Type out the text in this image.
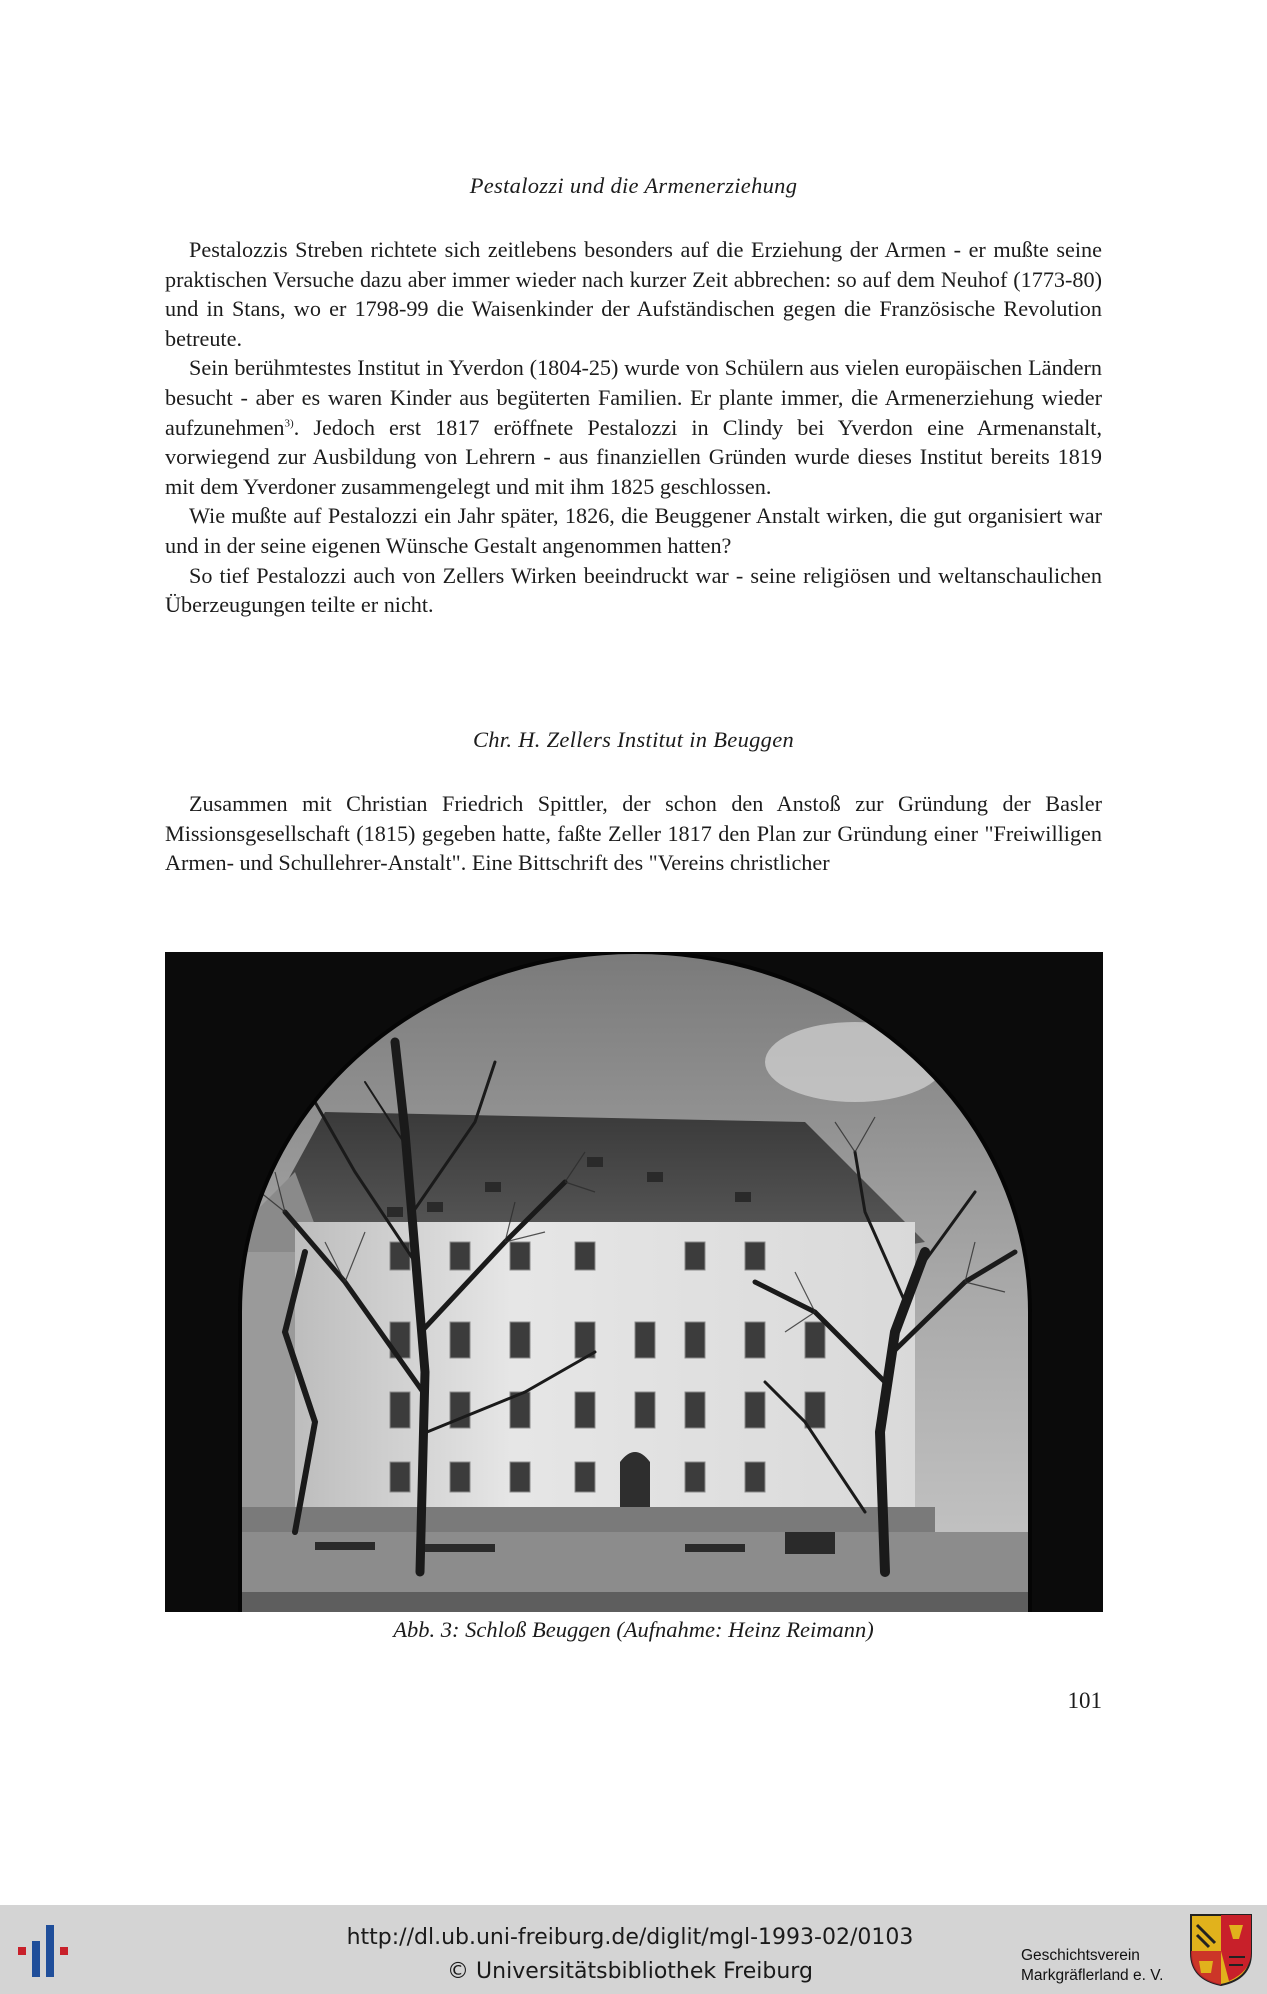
Pestalozzi und die Armenerziehung

Pestalozzis Streben richtete sich zeitlebens besonders auf die Erziehung der Armen - er mußte seine praktischen Versuche dazu aber immer wieder nach kurzer Zeit abbrechen: so auf dem Neuhof (1773-80) und in Stans, wo er 1798-99 die Waisenkinder der Aufständischen gegen die Französische Revolution betreute.

Sein berühmtestes Institut in Yverdon (1804-25) wurde von Schülern aus vielen europäischen Ländern besucht - aber es waren Kinder aus begüterten Familien. Er plante immer, die Armenerziehung wieder aufzunehmen$^{3)}$. Jedoch erst 1817 eröffnete Pestalozzi in Clindy bei Yverdon eine Armenanstalt, vorwiegend zur Ausbildung von Lehrern - aus finanziellen Gründen wurde dieses Institut bereits 1819 mit dem Yverdoner zusammengelegt und mit ihm 1825 geschlossen.

Wie mußte auf Pestalozzi ein Jahr später, 1826, die Beuggener Anstalt wirken, die gut organisiert war und in der seine eigenen Wünsche Gestalt angenommen hatten?

So tief Pestalozzi auch von Zellers Wirken beeindruckt war - seine religiösen und weltanschaulichen Überzeugungen teilte er nicht.

Chr. H. Zellers Institut in Beuggen

Zusammen mit Christian Friedrich Spittler, der schon den Anstoß zur Gründung der Basler Missionsgesellschaft (1815) gegeben hatte, faßte Zeller 1817 den Plan zur Gründung einer "Freiwilligen Armen- und Schullehrer-Anstalt". Eine Bittschrift des "Vereins christlicher

Abb. 3: Schloß Beuggen (Aufnahme: Heinz Reimann)
101
http://dl.ub.uni-freiburg.de/diglit/mgl-1993-02/0103
© Universitätsbibliothek Freiburg
Geschichtsverein
Markgräflerland e. V.
